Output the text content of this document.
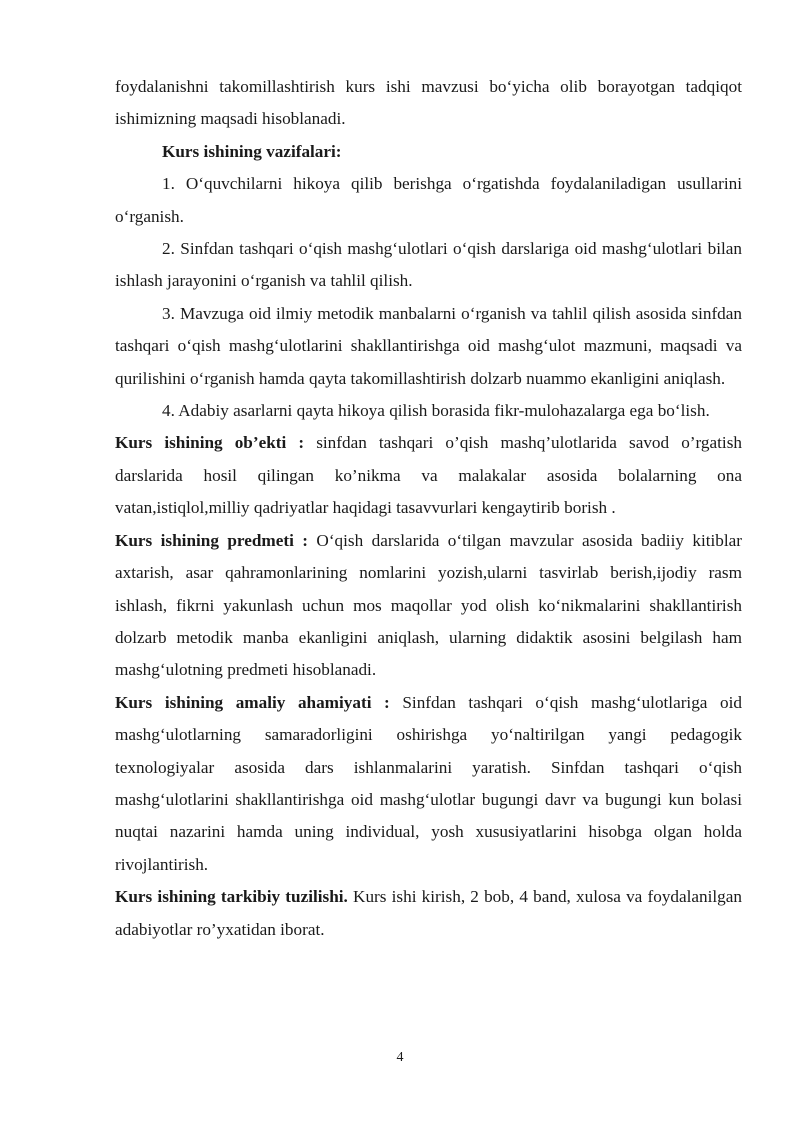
foydalanishni takomillashtirish kurs ishi mavzusi bo‘yicha olib borayotgan tadqiqot ishimizning maqsadi hisoblanadi.

Kurs ishining vazifalari:

1. O‘quvchilarni hikoya qilib berishga o‘rgatishda foydalaniladigan usullarini o‘rganish.

2. Sinfdan tashqari o‘qish mashg‘ulotlari o‘qish darslariga oid mashg‘ulotlari bilan ishlash jarayonini o‘rganish va tahlil qilish.

3. Mavzuga oid ilmiy metodik manbalarni o‘rganish va tahlil qilish asosida sinfdan tashqari o‘qish mashg‘ulotlarini shakllantirishga oid mashg‘ulot mazmuni, maqsadi va qurilishini o‘rganish hamda qayta takomillashtirish dolzarb nuammo ekanligini aniqlash.

4. Adabiy asarlarni qayta hikoya qilish borasida fikr-mulohazalarga ega bo‘lish.

Kurs ishining ob’ekti : sinfdan tashqari o’qish mashq’ulotlarida savod o’rgatish darslarida hosil qilingan ko’nikma va malakalar asosida bolalarning ona vatan,istiqlol,milliy qadriyatlar haqidagi tasavvurlari kengaytirib borish .

Kurs ishining predmeti : O‘qish darslarida o‘tilgan mavzular asosida badiiy kitiblar axtarish, asar qahramonlarining nomlarini yozish,ularni tasvirlab berish,ijodiy rasm ishlash, fikrni yakunlash uchun mos maqollar yod olish ko‘nikmalarini shakllantirish dolzarb metodik manba ekanligini aniqlash, ularning didaktik asosini belgilash ham mashg‘ulotning predmeti hisoblanadi.

Kurs ishining amaliy ahamiyati : Sinfdan tashqari o‘qish mashg‘ulotlariga oid mashg‘ulotlarning samaradorligini oshirishga yo‘naltirilgan yangi pedagogik texnologiyalar asosida dars ishlanmalarini yaratish. Sinfdan tashqari o‘qish mashg‘ulotlarini shakllantirishga oid mashg‘ulotlar bugungi davr va bugungi kun bolasi nuqtai nazarini hamda uning individual, yosh xususiyatlarini hisobga olgan holda rivojlantirish.

Kurs ishining tarkibiy tuzilishi. Kurs ishi kirish, 2 bob, 4 band, xulosa va foydalanilgan adabiyotlar ro’yxatidan iborat.

4
